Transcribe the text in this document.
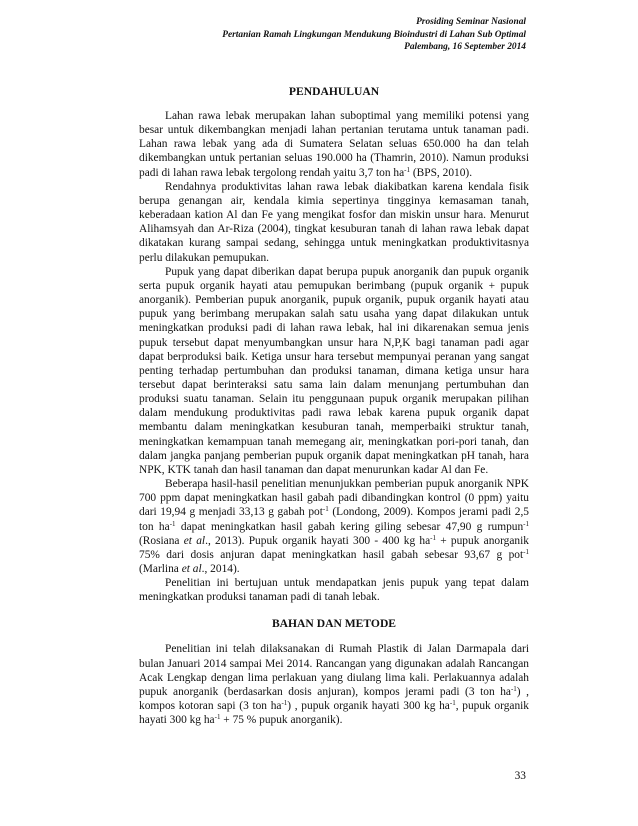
Prosiding Seminar Nasional
Pertanian Ramah Lingkungan Mendukung Bioindustri di Lahan Sub Optimal
Palembang, 16 September 2014
PENDAHULUAN

Lahan rawa lebak merupakan lahan suboptimal yang memiliki potensi yang besar untuk dikembangkan menjadi lahan pertanian terutama untuk tanaman padi. Lahan rawa lebak yang ada di Sumatera Selatan seluas 650.000 ha dan telah dikembangkan untuk pertanian seluas 190.000 ha (Thamrin, 2010). Namun produksi padi di lahan rawa lebak tergolong rendah yaitu 3,7 ton $ha^{-1}$ (BPS, 2010).

Rendahnya produktivitas lahan rawa lebak diakibatkan karena kendala fisik berupa genangan air, kendala kimia sepertinya tingginya kemasaman tanah, keberadaan kation Al dan Fe yang mengikat fosfor dan miskin unsur hara. Menurut Alihamsyah dan Ar-Riza (2004), tingkat kesuburan tanah di lahan rawa lebak dapat dikatakan kurang sampai sedang, sehingga untuk meningkatkan produktivitasnya perlu dilakukan pemupukan.

Pupuk yang dapat diberikan dapat berupa pupuk anorganik dan pupuk organik serta pupuk organik hayati atau pemupukan berimbang (pupuk organik + pupuk anorganik). Pemberian pupuk anorganik, pupuk organik, pupuk organik hayati atau pupuk yang berimbang merupakan salah satu usaha yang dapat dilakukan untuk meningkatkan produksi padi di lahan rawa lebak, hal ini dikarenakan semua jenis pupuk tersebut dapat menyumbangkan unsur hara N,P,K bagi tanaman padi agar dapat berproduksi baik. Ketiga unsur hara tersebut mempunyai peranan yang sangat penting terhadap pertumbuhan dan produksi tanaman, dimana ketiga unsur hara tersebut dapat berinteraksi satu sama lain dalam menunjang pertumbuhan dan produksi suatu tanaman. Selain itu penggunaan pupuk organik merupakan pilihan dalam mendukung produktivitas padi rawa lebak karena pupuk organik dapat membantu dalam meningkatkan kesuburan tanah, memperbaiki struktur tanah, meningkatkan kemampuan tanah memegang air, meningkatkan pori-pori tanah, dan dalam jangka panjang pemberian pupuk organik dapat meningkatkan pH tanah, hara NPK, KTK tanah dan hasil tanaman dan dapat menurunkan kadar Al dan Fe.

Beberapa hasil-hasil penelitian menunjukkan pemberian pupuk anorganik NPK 700 ppm dapat meningkatkan hasil gabah padi dibandingkan kontrol (0 ppm) yaitu dari 19,94 g menjadi 33,13 g gabah pot$^{-1}$ (Londong, 2009). Kompos jerami padi 2,5 ton $ha^{-1}$ dapat meningkatkan hasil gabah kering giling sebesar 47,90 g rumpun$^{-1}$ (Rosiana et al., 2013). Pupuk organik hayati 300 - 400 kg $ha^{-1}$ + pupuk anorganik 75% dari dosis anjuran dapat meningkatkan hasil gabah sebesar 93,67 g pot$^{-1}$ (Marlina et al., 2014).

Penelitian ini bertujuan untuk mendapatkan jenis pupuk yang tepat dalam meningkatkan produksi tanaman padi di tanah lebak.

BAHAN DAN METODE

Penelitian ini telah dilaksanakan di Rumah Plastik di Jalan Darmapala dari bulan Januari 2014 sampai Mei 2014. Rancangan yang digunakan adalah Rancangan Acak Lengkap dengan lima perlakuan yang diulang lima kali. Perlakuannya adalah pupuk anorganik (berdasarkan dosis anjuran), kompos jerami padi (3 ton $ha^{-1}$) , kompos kotoran sapi (3 ton $ha^{-1}$) , pupuk organik hayati 300 kg $ha^{-1}$, pupuk organik hayati 300 kg $ha^{-1} + 75$ % pupuk anorganik).

33
